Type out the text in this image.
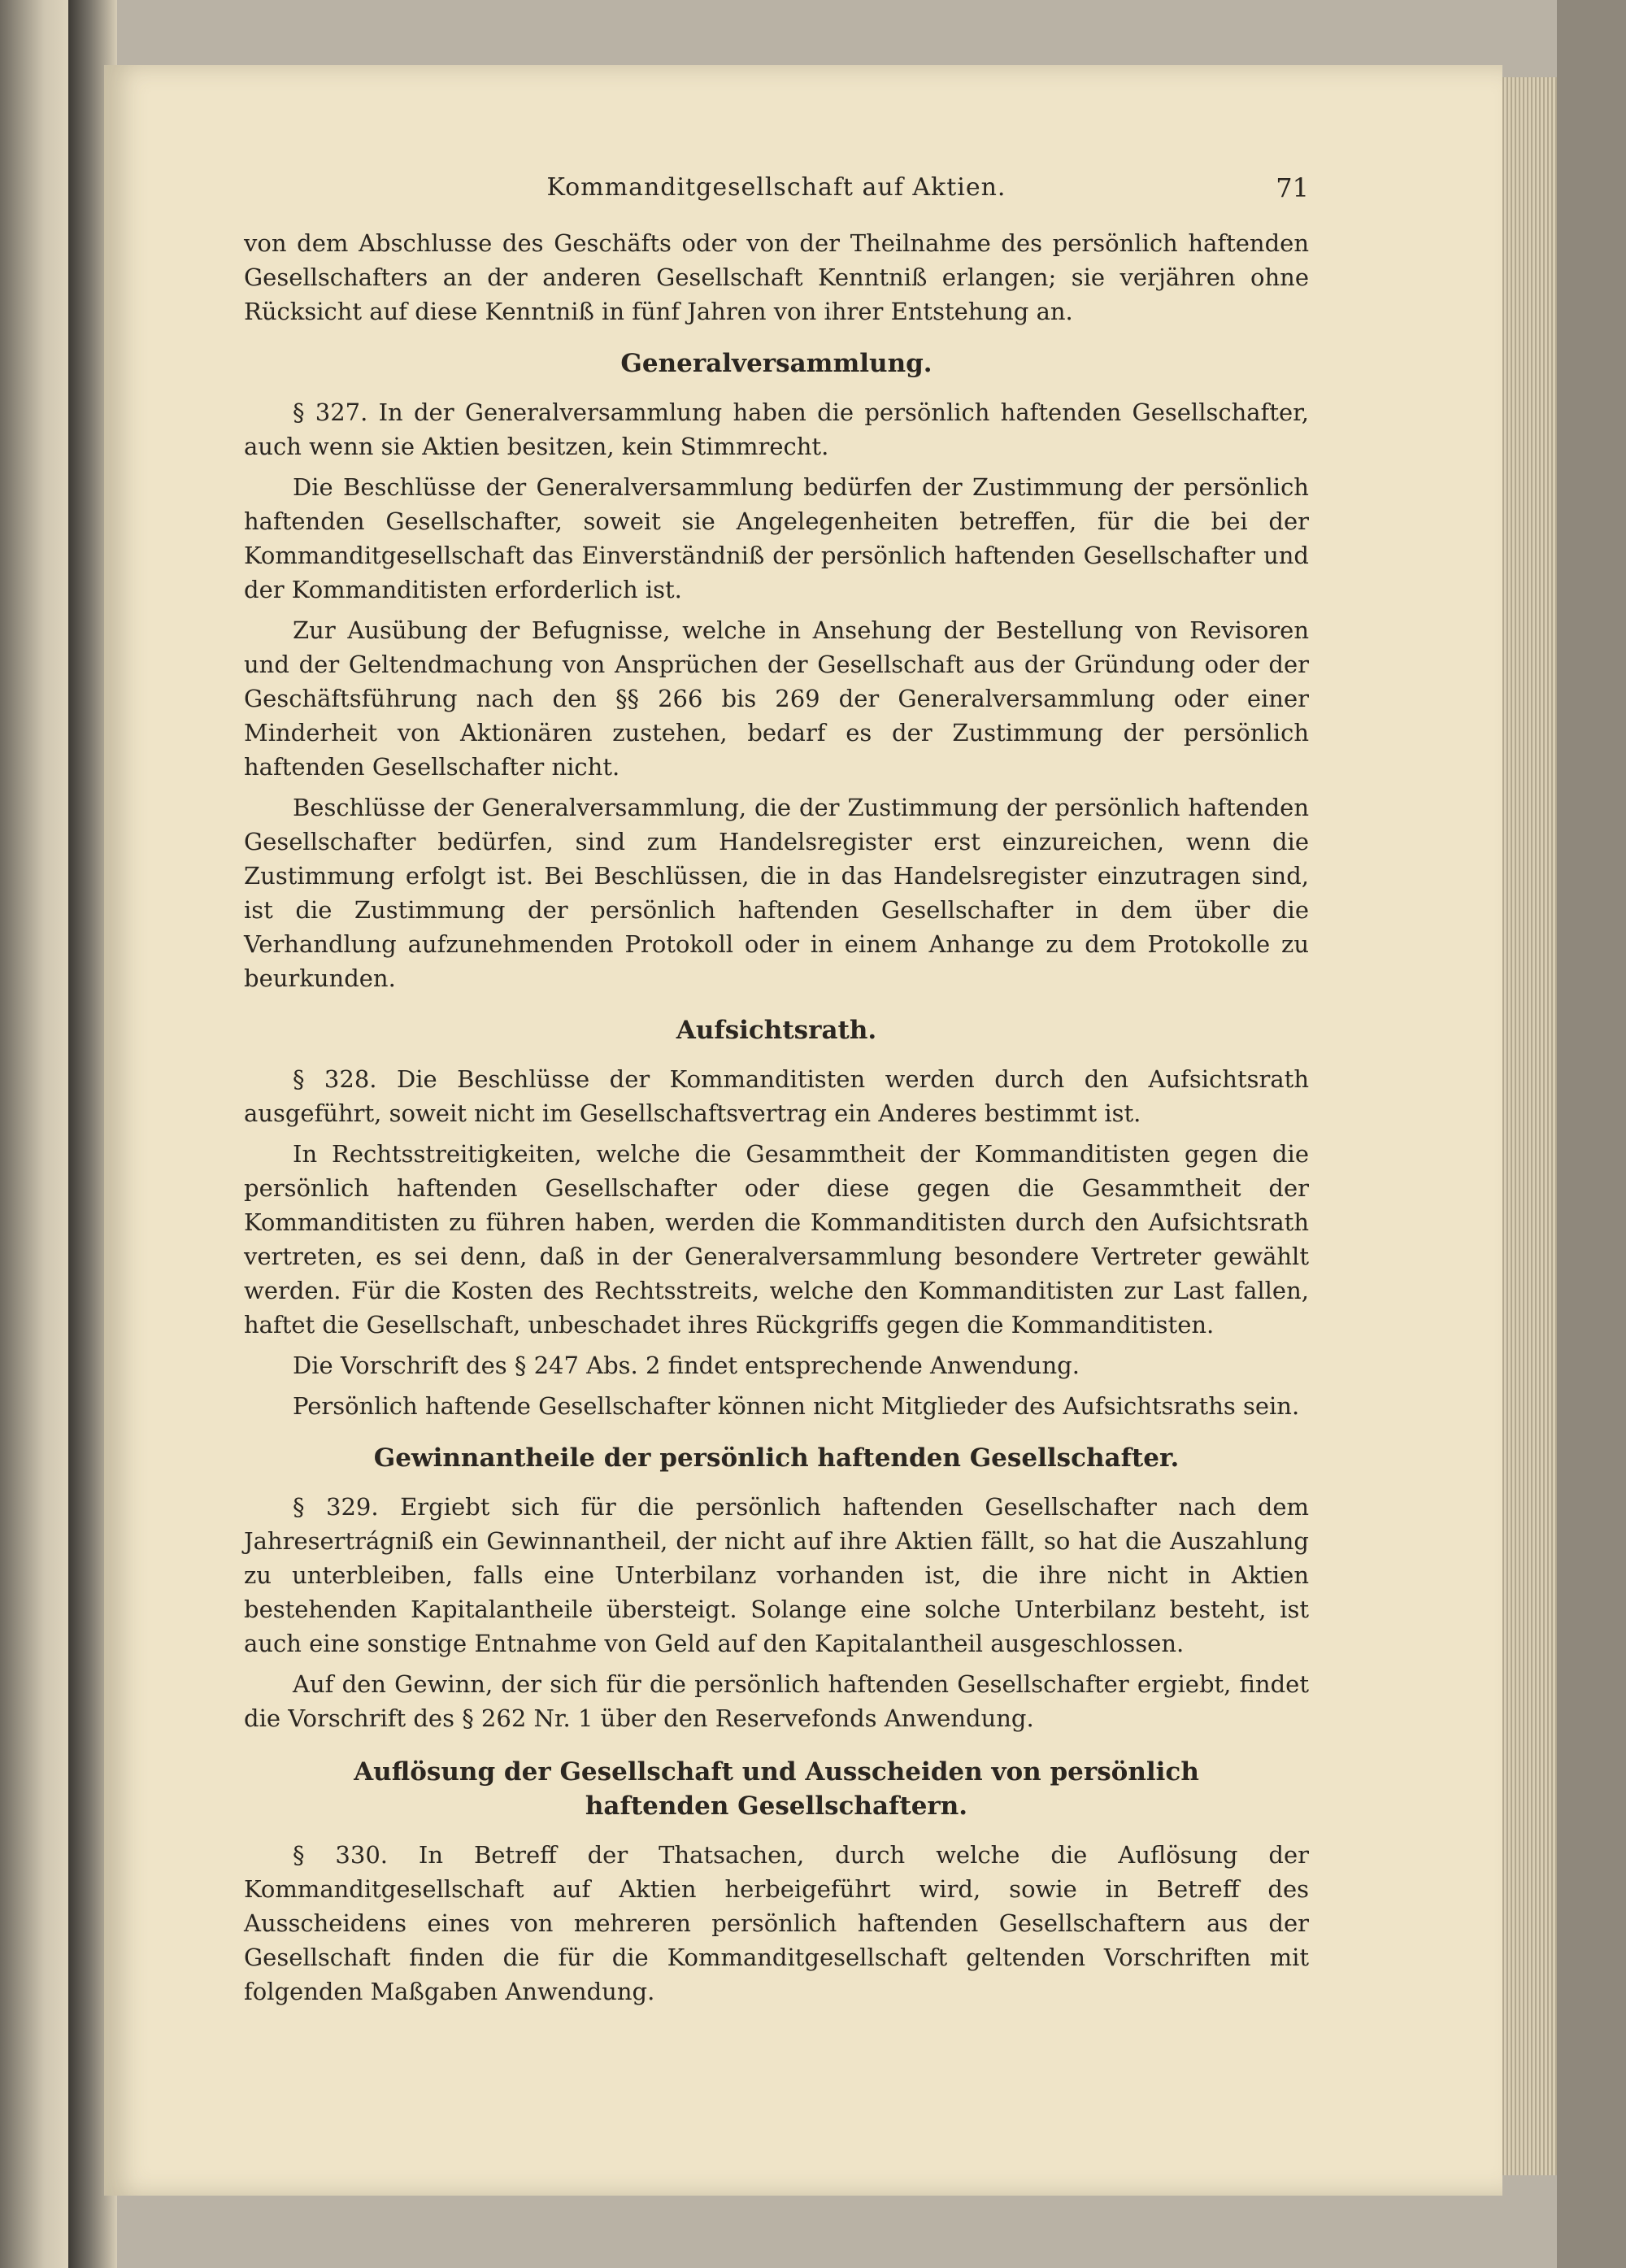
Kommanditgesellschaft auf Aktien.	71

von dem Abschlusse des Geschäfts oder von der Theilnahme des persönlich haftenden Gesellschafters an der anderen Gesellschaft Kenntniß erlangen; sie verjähren ohne Rücksicht auf diese Kenntniß in fünf Jahren von ihrer Entstehung an.

Generalversammlung.

§ 327. In der Generalversammlung haben die persönlich haftenden Gesellschafter, auch wenn sie Aktien besitzen, kein Stimmrecht.

Die Beschlüsse der Generalversammlung bedürfen der Zustimmung der persönlich haftenden Gesellschafter, soweit sie Angelegenheiten betreffen, für die bei der Kommanditgesellschaft das Einverständniß der persönlich haftenden Gesellschafter und der Kommanditisten erforderlich ist.

Zur Ausübung der Befugnisse, welche in Ansehung der Bestellung von Revisoren und der Geltendmachung von Ansprüchen der Gesellschaft aus der Gründung oder der Geschäftsführung nach den §§ 266 bis 269 der Generalversammlung oder einer Minderheit von Aktionären zustehen, bedarf es der Zustimmung der persönlich haftenden Gesellschafter nicht.

Beschlüsse der Generalversammlung, die der Zustimmung der persönlich haftenden Gesellschafter bedürfen, sind zum Handelsregister erst einzureichen, wenn die Zustimmung erfolgt ist. Bei Beschlüssen, die in das Handelsregister einzutragen sind, ist die Zustimmung der persönlich haftenden Gesellschafter in dem über die Verhandlung aufzunehmenden Protokoll oder in einem Anhange zu dem Protokolle zu beurkunden.

Aufsichtsrath.

§ 328. Die Beschlüsse der Kommanditisten werden durch den Aufsichtsrath ausgeführt, soweit nicht im Gesellschaftsvertrag ein Anderes bestimmt ist.

In Rechtsstreitigkeiten, welche die Gesammtheit der Kommanditisten gegen die persönlich haftenden Gesellschafter oder diese gegen die Gesammtheit der Kommanditisten zu führen haben, werden die Kommanditisten durch den Aufsichtsrath vertreten, es sei denn, daß in der Generalversammlung besondere Vertreter gewählt werden. Für die Kosten des Rechtsstreits, welche den Kommanditisten zur Last fallen, haftet die Gesellschaft, unbeschadet ihres Rückgriffs gegen die Kommanditisten.

Die Vorschrift des § 247 Abs. 2 findet entsprechende Anwendung.

Persönlich haftende Gesellschafter können nicht Mitglieder des Aufsichtsraths sein.

Gewinnantheile der persönlich haftenden Gesellschafter.

§ 329. Ergiebt sich für die persönlich haftenden Gesellschafter nach dem Jahresertrágniß ein Gewinnantheil, der nicht auf ihre Aktien fällt, so hat die Auszahlung zu unterbleiben, falls eine Unterbilanz vorhanden ist, die ihre nicht in Aktien bestehenden Kapitalantheile übersteigt. Solange eine solche Unterbilanz besteht, ist auch eine sonstige Entnahme von Geld auf den Kapitalantheil ausgeschlossen.

Auf den Gewinn, der sich für die persönlich haftenden Gesellschafter ergiebt, findet die Vorschrift des § 262 Nr. 1 über den Reservefonds Anwendung.

Auflösung der Gesellschaft und Ausscheiden von persönlich haftenden Gesellschaftern.

§ 330. In Betreff der Thatsachen, durch welche die Auflösung der Kommanditgesellschaft auf Aktien herbeigeführt wird, sowie in Betreff des Ausscheidens eines von mehreren persönlich haftenden Gesellschaftern aus der Gesellschaft finden die für die Kommanditgesellschaft geltenden Vorschriften mit folgenden Maßgaben Anwendung.
